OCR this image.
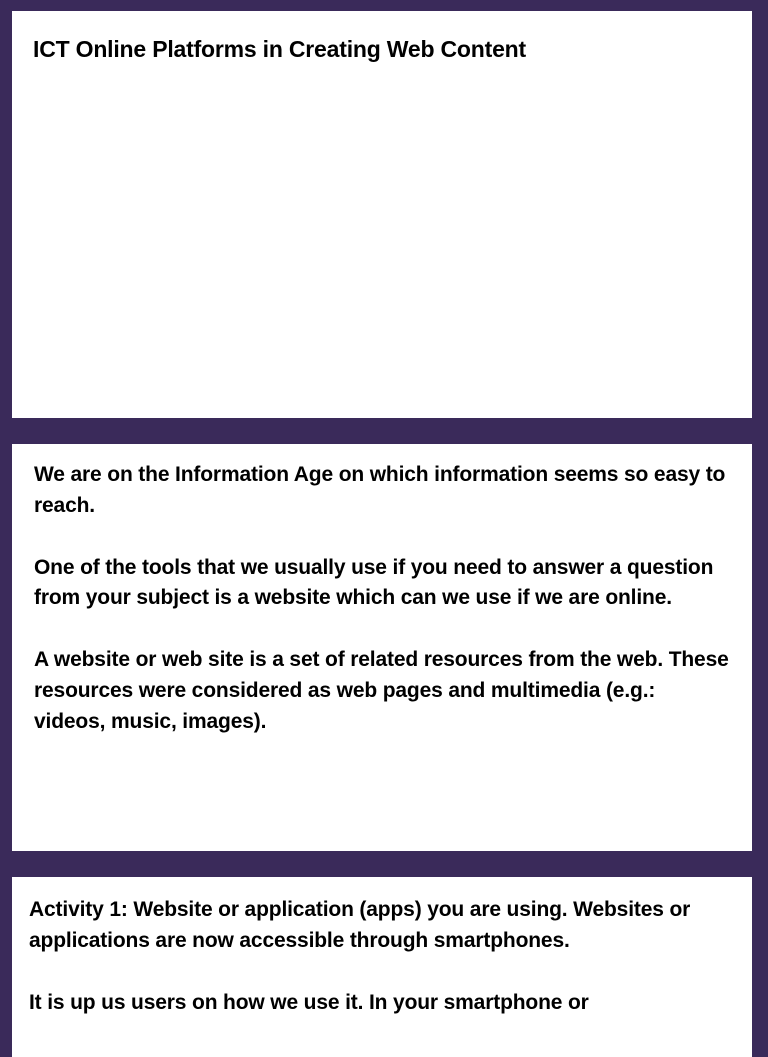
ICT Online Platforms in Creating Web Content

We are on the Information Age on which information seems so easy to reach.

One of the tools that we usually use if you need to answer a question from your subject is a website which can we use if we are online.

A website or web site is a set of related resources from the web. These resources were considered as web pages and multimedia (e.g.: videos, music, images).

Activity 1: Website or application (apps) you are using. Websites or applications are now accessible through smartphones.

It is up us users on how we use it. In your smartphone or
